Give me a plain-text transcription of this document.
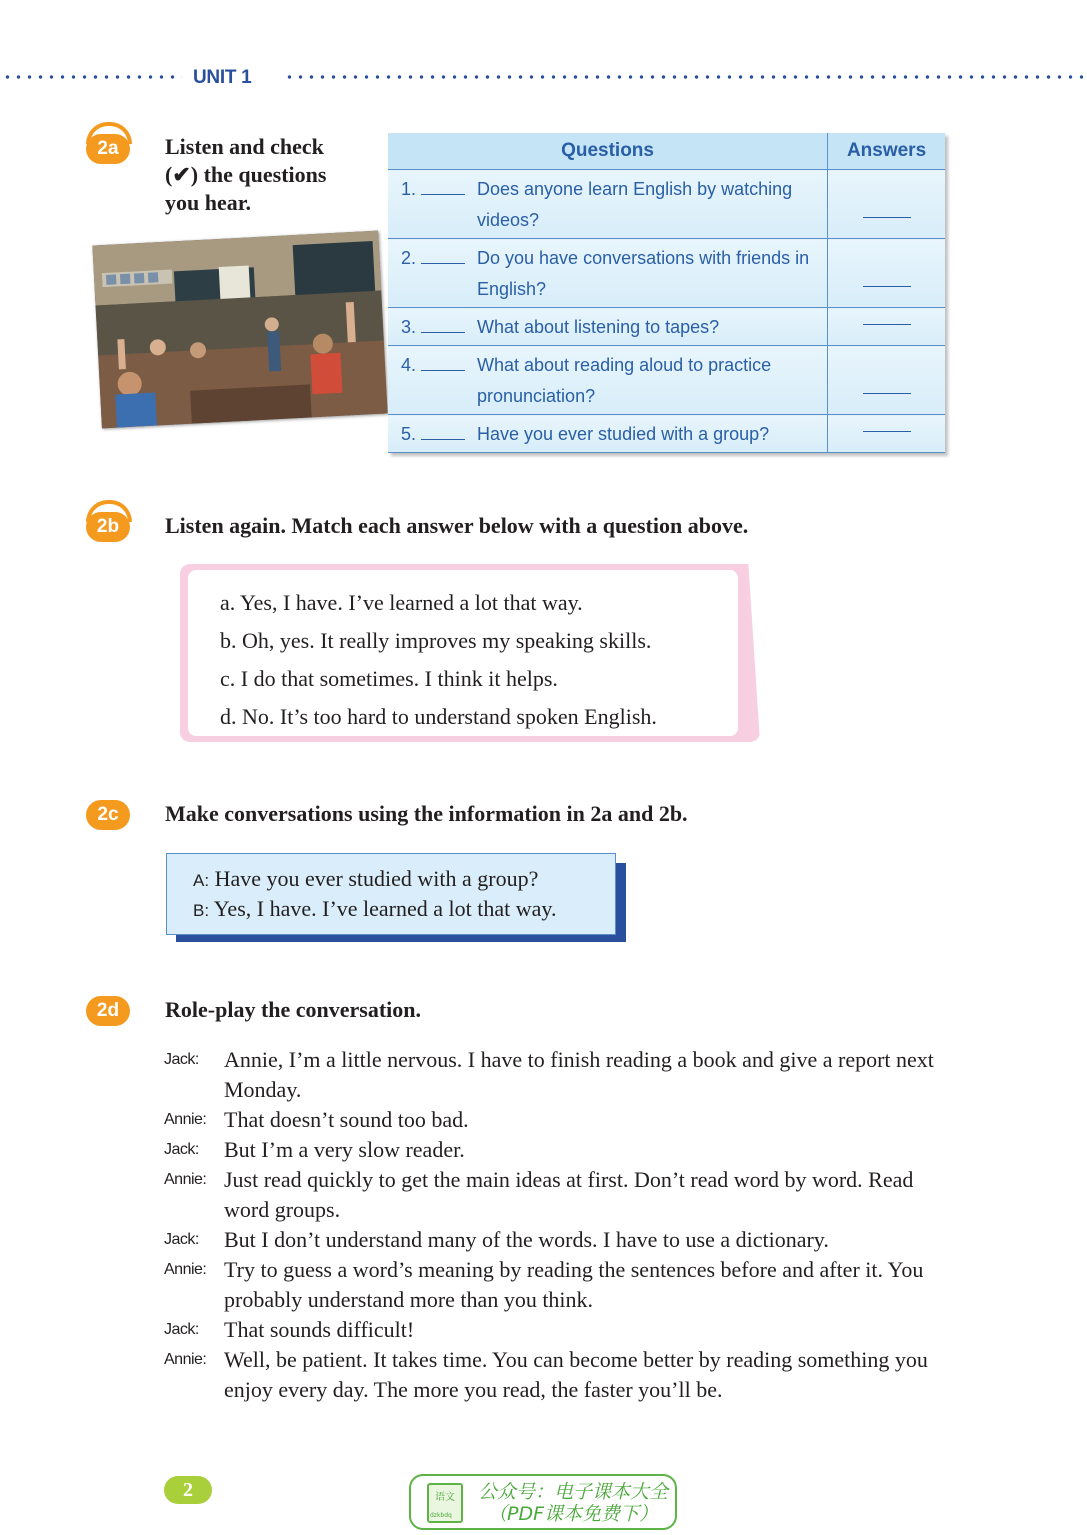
UNIT 1
2a	Listen and check
(✔) the questions
you hear.
Questions		Answers
1.	Does anyone learn English by watching videos?	
2.	Do you have conversations with friends in English?	
3.	What about listening to tapes?	
4.	What about reading aloud to practice pronunciation?	
5.	Have you ever studied with a group?	
2b	Listen again. Match each answer below with a question above.
a. Yes, I have. I’ve learned a lot that way.
b. Oh, yes. It really improves my speaking skills.
c. I do that sometimes. I think it helps.
d. No. It’s too hard to understand spoken English.
2c	Make conversations using the information in 2a and 2b.
A: Have you ever studied with a group?
B: Yes, I have. I’ve learned a lot that way.
2d	Role-play the conversation.
Jack:	Annie, I’m a little nervous. I have to finish reading a book and give a report next Monday.
Annie: That doesn’t sound too bad.
Jack:	But I’m a very slow reader.
Annie: Just read quickly to get the main ideas at first. Don’t read word by word. Read word groups.
Jack:	But I don’t understand many of the words. I have to use a dictionary.
Annie: Try to guess a word’s meaning by reading the sentences before and after it. You probably understand more than you think.
Jack:	That sounds difficult!
Annie: Well, be patient. It takes time. You can become better by reading something you enjoy every day. The more you read, the faster you’ll be.
2	语文
dzkbdq
公众号：电子课本大全
（PDF课本免费下）
